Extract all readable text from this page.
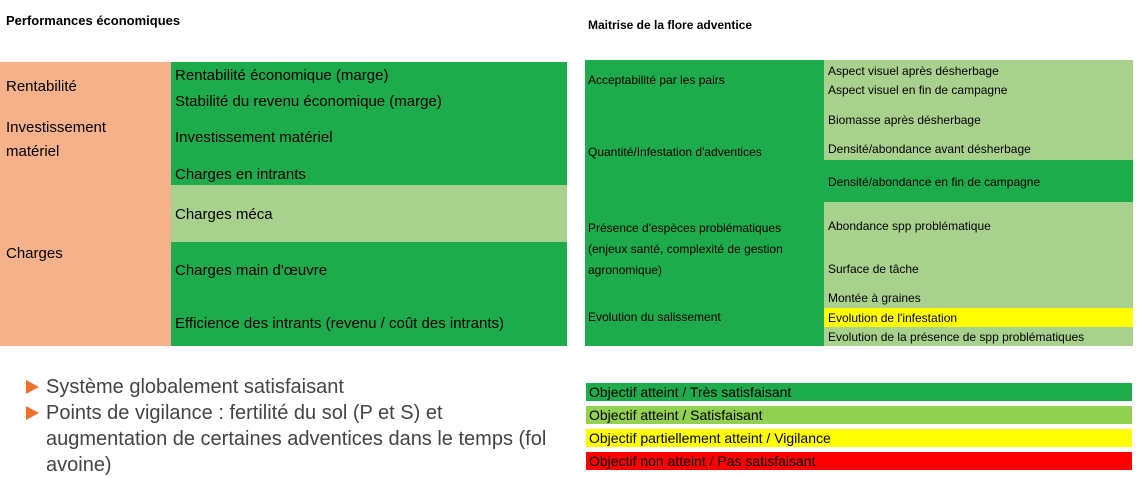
Performances économiques
Rentabilité
Investissement
matériel
Charges
Rentabilité économique (marge)
Stabilité du revenu économique (marge)
Investissement matériel
Charges en intrants
Charges méca
Charges main d'œuvre
Efficience des intrants (revenu / coût des intrants)
Maitrise de la flore adventice
Acceptabilité par les pairs
Quantité/Infestation d'adventices
Présence d'espèces problématiques (enjeux santé, complexité de gestion agronomique)
Evolution du salissement
Aspect visuel après désherbage
Aspect visuel en fin de campagne
Biomasse après désherbage
Densité/abondance avant désherbage
Densité/abondance en fin de campagne
Abondance spp problématique
Surface de tâche
Montée à graines
Evolution de l'infestation
Evolution de la présence de spp problématiques
Système globalement satisfaisant
Points de vigilance : fertilité du sol (P et S) et augmentation de certaines adventices dans le temps (fol avoine)
Objectif atteint / Très satisfaisant
Objectif atteint / Satisfaisant
Objectif partiellement atteint / Vigilance
Objectif non atteint / Pas satisfaisant
